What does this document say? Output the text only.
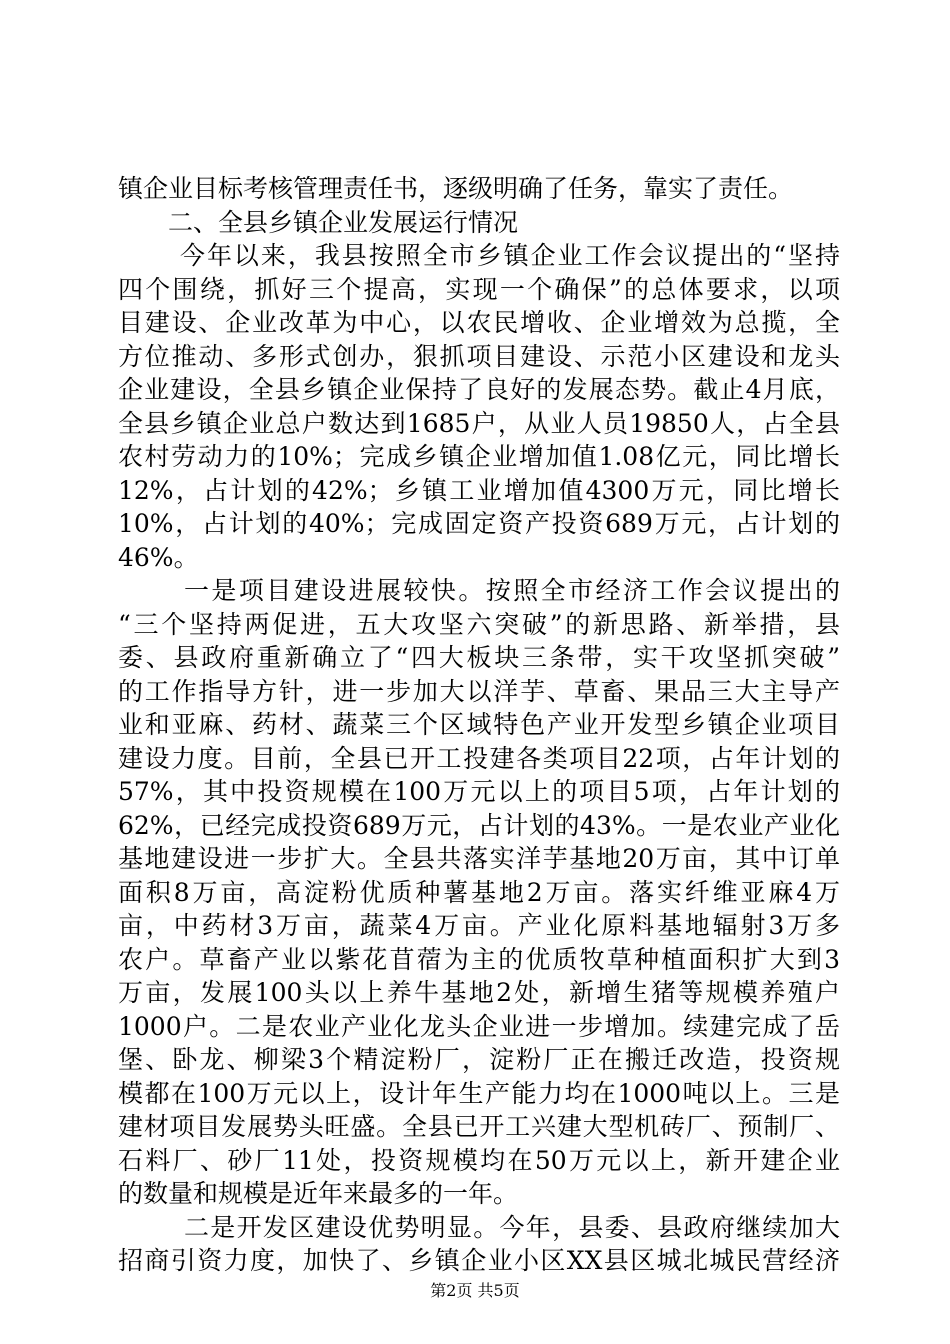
镇企业目标考核管理责任书，逐级明确了任务，靠实了责任。
二、全县乡镇企业发展运行情况
今年以来，我县按照全市乡镇企业工作会议提出的“坚持
四个围绕，抓好三个提高，实现一个确保”的总体要求，以项
目建设、企业改革为中心，以农民增收、企业增效为总揽，全
方位推动、多形式创办，狠抓项目建设、示范小区建设和龙头
企业建设，全县乡镇企业保持了良好的发展态势。截止4月底，
全县乡镇企业总户数达到1685户，从业人员19850人，占全县
农村劳动力的10%；完成乡镇企业增加值1.08亿元，同比增长
12%，占计划的42%；乡镇工业增加值4300万元，同比增长
10%，占计划的40%；完成固定资产投资689万元，占计划的
46%。
一是项目建设进展较快。按照全市经济工作会议提出的
“三个坚持两促进，五大攻坚六突破”的新思路、新举措，县
委、县政府重新确立了“四大板块三条带，实干攻坚抓突破”
的工作指导方针，进一步加大以洋芋、草畜、果品三大主导产
业和亚麻、药材、蔬菜三个区域特色产业开发型乡镇企业项目
建设力度。目前，全县已开工投建各类项目22项，占年计划的
57%，其中投资规模在100万元以上的项目5项，占年计划的
62%，已经完成投资689万元，占计划的43%。一是农业产业化
基地建设进一步扩大。全县共落实洋芋基地20万亩，其中订单
面积8万亩，高淀粉优质种薯基地2万亩。落实纤维亚麻4万
亩，中药材3万亩，蔬菜4万亩。产业化原料基地辐射3万多
农户。草畜产业以紫花苜蓿为主的优质牧草种植面积扩大到3
万亩，发展100头以上养牛基地2处，新增生猪等规模养殖户
1000户。二是农业产业化龙头企业进一步增加。续建完成了岳
堡、卧龙、柳梁3个精淀粉厂，淀粉厂正在搬迁改造，投资规
模都在100万元以上，设计年生产能力均在1000吨以上。三是
建材项目发展势头旺盛。全县已开工兴建大型机砖厂、预制厂、
石料厂、砂厂11处，投资规模均在50万元以上，新开建企业
的数量和规模是近年来最多的一年。
二是开发区建设优势明显。今年，县委、县政府继续加大
招商引资力度，加快了、乡镇企业小区XX县区城北城民营经济
第2页 共5页
